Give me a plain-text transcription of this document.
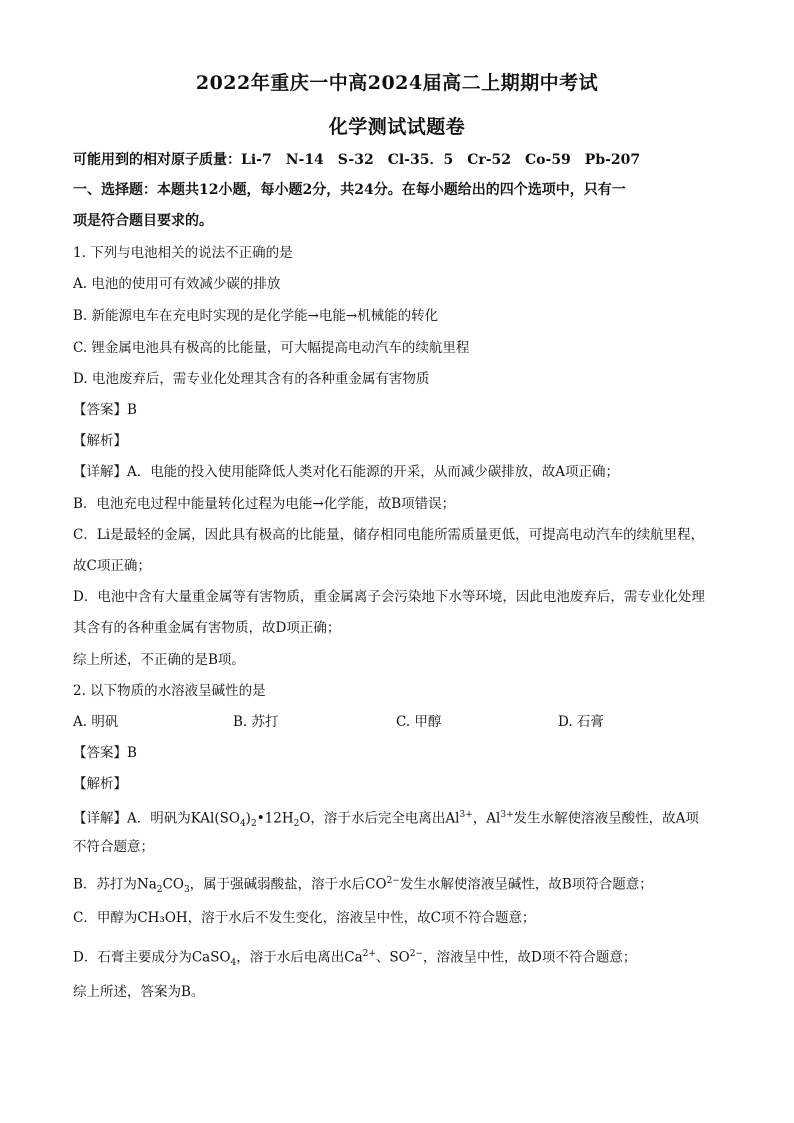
2022年重庆一中高2024届高二上期期中考试
化学测试试题卷
可能用到的相对原子质量：Li-7　N-14　S-32　Cl-35．5　Cr-52　Co-59　Pb-207
一、选择题：本题共12小题，每小题2分，共24分。在每小题给出的四个选项中，只有一
项是符合题目要求的。
1. 下列与电池相关的说法不正确的是
A. 电池的使用可有效减少碳的排放
B. 新能源电车在充电时实现的是化学能→电能→机械能的转化
C. 锂金属电池具有极高的比能量，可大幅提高电动汽车的续航里程
D. 电池废弃后，需专业化处理其含有的各种重金属有害物质
【答案】B
【解析】
【详解】A．电能的投入使用能降低人类对化石能源的开采，从而减少碳排放，故A项正确；
B．电池充电过程中能量转化过程为电能→化学能，故B项错误；
C．Li是最轻的金属，因此具有极高的比能量，储存相同电能所需质量更低，可提高电动汽车的续航里程，
故C项正确；
D．电池中含有大量重金属等有害物质，重金属离子会污染地下水等环境，因此电池废弃后，需专业化处理
其含有的各种重金属有害物质，故D项正确；
综上所述，不正确的是B项。
2. 以下物质的水溶液呈碱性的是
A. 明矾	B. 苏打	C. 甲醇	D. 石膏
【答案】B
【解析】
【详解】A．明矾为$KAl(SO_4)_2•12H_2O$，溶于水后完全电离出$Al^{3+}$，$Al^{3+}$发生水解使溶液呈酸性，故A项
不符合题意；
B．苏打为$Na_2CO_3$，属于强碱弱酸盐，溶于水后$CO^{2-}$发生水解使溶液呈碱性，故B项符合题意；
C．甲醇为CH₃OH，溶于水后不发生变化，溶液呈中性，故C项不符合题意；
D．石膏主要成分为CaSO$_4$，溶于水后电离出$Ca^{2+}$、$SO^{2-}$，溶液呈中性，故D项不符合题意；
综上所述，答案为B。
